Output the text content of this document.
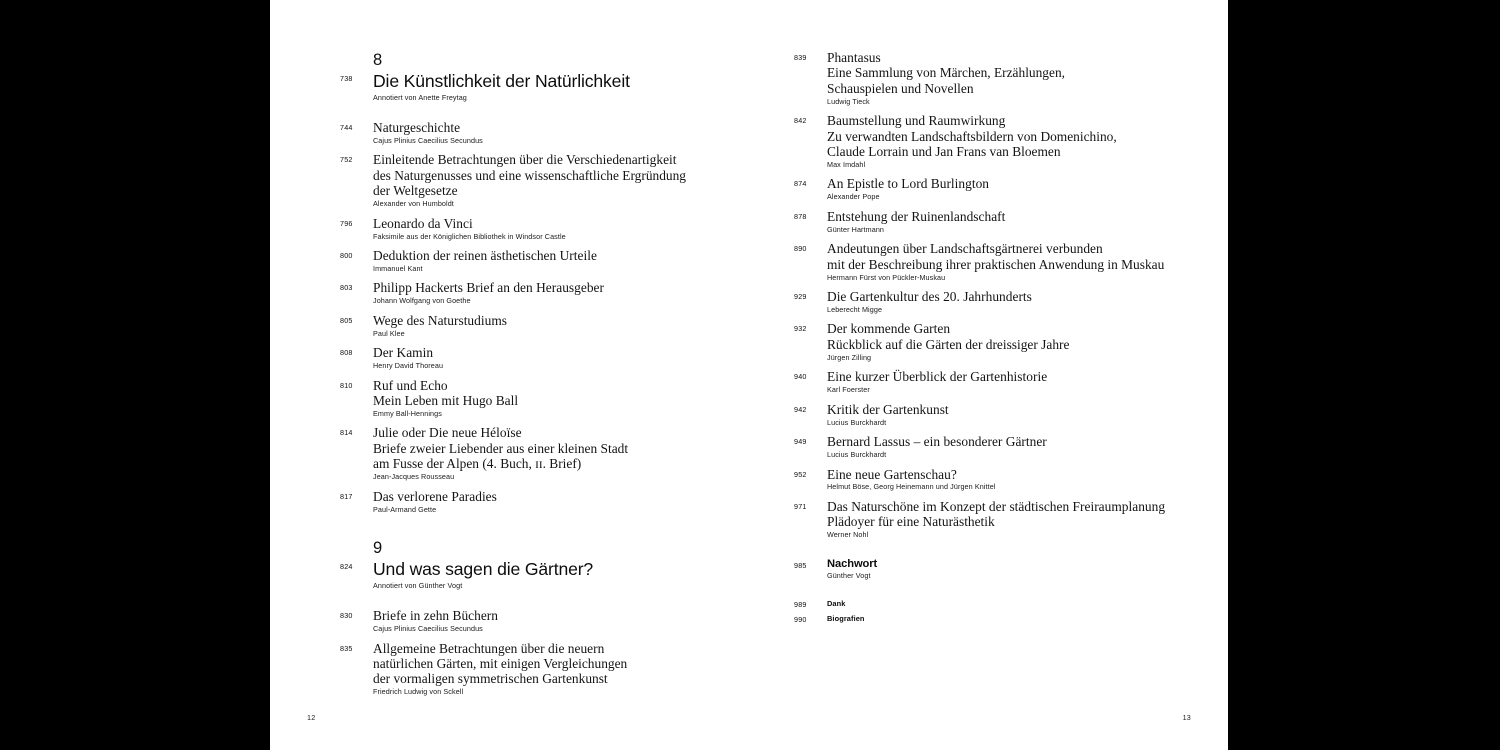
8
738 Die Künstlichkeit der Natürlichkeit
Annotiert von Anette Freytag
744	Naturgeschichte
Cajus Plinius Caecilius Secundus
752	Einleitende Betrachtungen über die Verschiedenartigkeit
des Naturgenusses und eine wissenschaftliche Ergründung
der Weltgesetze
Alexander von Humboldt
796	Leonardo da Vinci
Faksimile aus der Königlichen Bibliothek in Windsor Castle
800	Deduktion der reinen ästhetischen Urteile
Immanuel Kant
803	Philipp Hackerts Brief an den Herausgeber
Johann Wolfgang von Goethe
805	Wege des Naturstudiums
Paul Klee
808	Der Kamin
Henry David Thoreau
810	Ruf und Echo
Mein Leben mit Hugo Ball
Emmy Ball-Hennings
814	Julie oder Die neue Héloïse
Briefe zweier Liebender aus einer kleinen Stadt
am Fusse der Alpen (4. Buch, ɪɪ. Brief)
Jean-Jacques Rousseau
817	Das verlorene Paradies
Paul-Armand Gette
9
824 Und was sagen die Gärtner?
Annotiert von Günther Vogt
830	Briefe in zehn Büchern
Cajus Plinius Caecilius Secundus
835	Allgemeine Betrachtungen über die neuern
natürlichen Gärten, mit einigen Vergleichungen
der vormaligen symmetrischen Gartenkunst
Friedrich Ludwig von Sckell
12
839	Phantasus
Eine Sammlung von Märchen, Erzählungen,
Schauspielen und Novellen
Ludwig Tieck
842	Baumstellung und Raumwirkung
Zu verwandten Landschaftsbildern von Domenichino,
Claude Lorrain und Jan Frans van Bloemen
Max Imdahl
874	An Epistle to Lord Burlington
Alexander Pope
878	Entstehung der Ruinenlandschaft
Günter Hartmann
890	Andeutungen über Landschaftsgärtnerei verbunden
mit der Beschreibung ihrer praktischen Anwendung in Muskau
Hermann Fürst von Pückler-Muskau
929	Die Gartenkultur des 20. Jahrhunderts
Leberecht Migge
932	Der kommende Garten
Rückblick auf die Gärten der dreissiger Jahre
Jürgen Zilling
940	Eine kurzer Überblick der Gartenhistorie
Karl Foerster
942	Kritik der Gartenkunst
Lucius Burckhardt
949	Bernard Lassus – ein besonderer Gärtner
Lucius Burckhardt
952	Eine neue Gartenschau?
Helmut Böse, Georg Heinemann und Jürgen Knittel
971	Das Naturschöne im Konzept der städtischen Freiraumplanung
Plädoyer für eine Naturästhetik
Werner Nohl
985	Nachwort
Günther Vogt
989	Dank
990	Biografien
13
